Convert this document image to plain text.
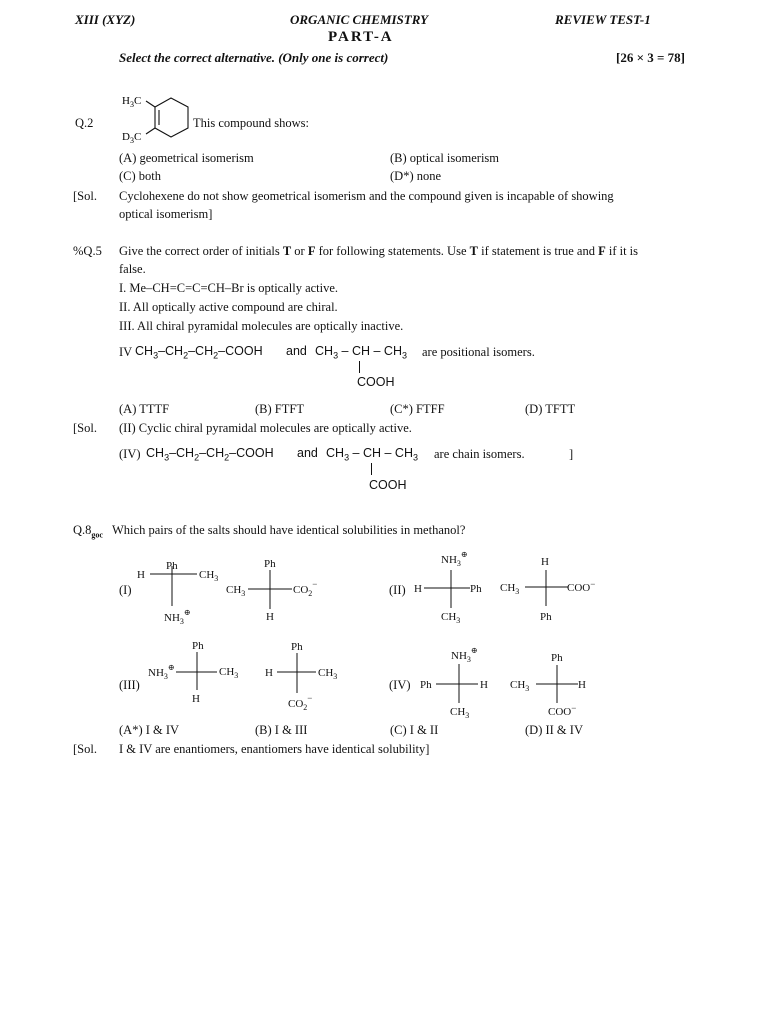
XIII (XYZ)	ORGANIC CHEMISTRY	REVIEW TEST-1
PART-A
Select the correct alternative. (Only one is correct)	[26 × 3 = 78]
Q.2
$H_3C$
$D_3C$
This compound shows:
(A) geometrical isomerism	(B) optical isomerism
(C) both	(D*) none
[Sol. Cyclohexene do not show geometrical isomerism and the compound given is incapable of showing
optical isomerism]
%Q.5 Give the correct order of initials T or F for following statements. Use T if statement is true and F if it is
false.
I. Me–CH=C=C=CH–Br is optically active.
II. All optically active compound are chiral.
III. All chiral pyramidal molecules are optically inactive.
IV $CH_3-CH_2-CH_2$–COOH and $CH_3$ – CH – $CH_3$
COOH
are positional isomers.
(A) TTTF	(B) FTFT	(C*) FTFF	(D) TFTT
[Sol. (II) Cyclic chiral pyramidal molecules are optically active.
(IV) $CH_3-CH_2-CH_2$–COOH and $CH_3$ – CH – $CH_3$
COOH
are chain isomers.	]
$Q.8_{goc}$ Which pairs of the salts should have identical solubilities in methanol?
Ph
H	$CH_3$
$NH_3^\oplus$
Ph
$CH_3$	$CO_2^-$
H
$NH_3^\oplus$
H	Ph
$CH_3$
H
$CH_3$	COO−
Ph
Ph
$NH_3^\oplus$	$CH_3$
H
Ph
H	$CH_3$
$CO_2^-$
$NH_3^\oplus$
Ph	H
$CH_3$
Ph
$CH_3$	H
COO−
(I)	(II)
(III)	(IV)
(A*) I & IV	(B) I & III	(C) I & II	(D) II & IV
[Sol. I & IV are enantiomers, enantiomers have identical solubility]
